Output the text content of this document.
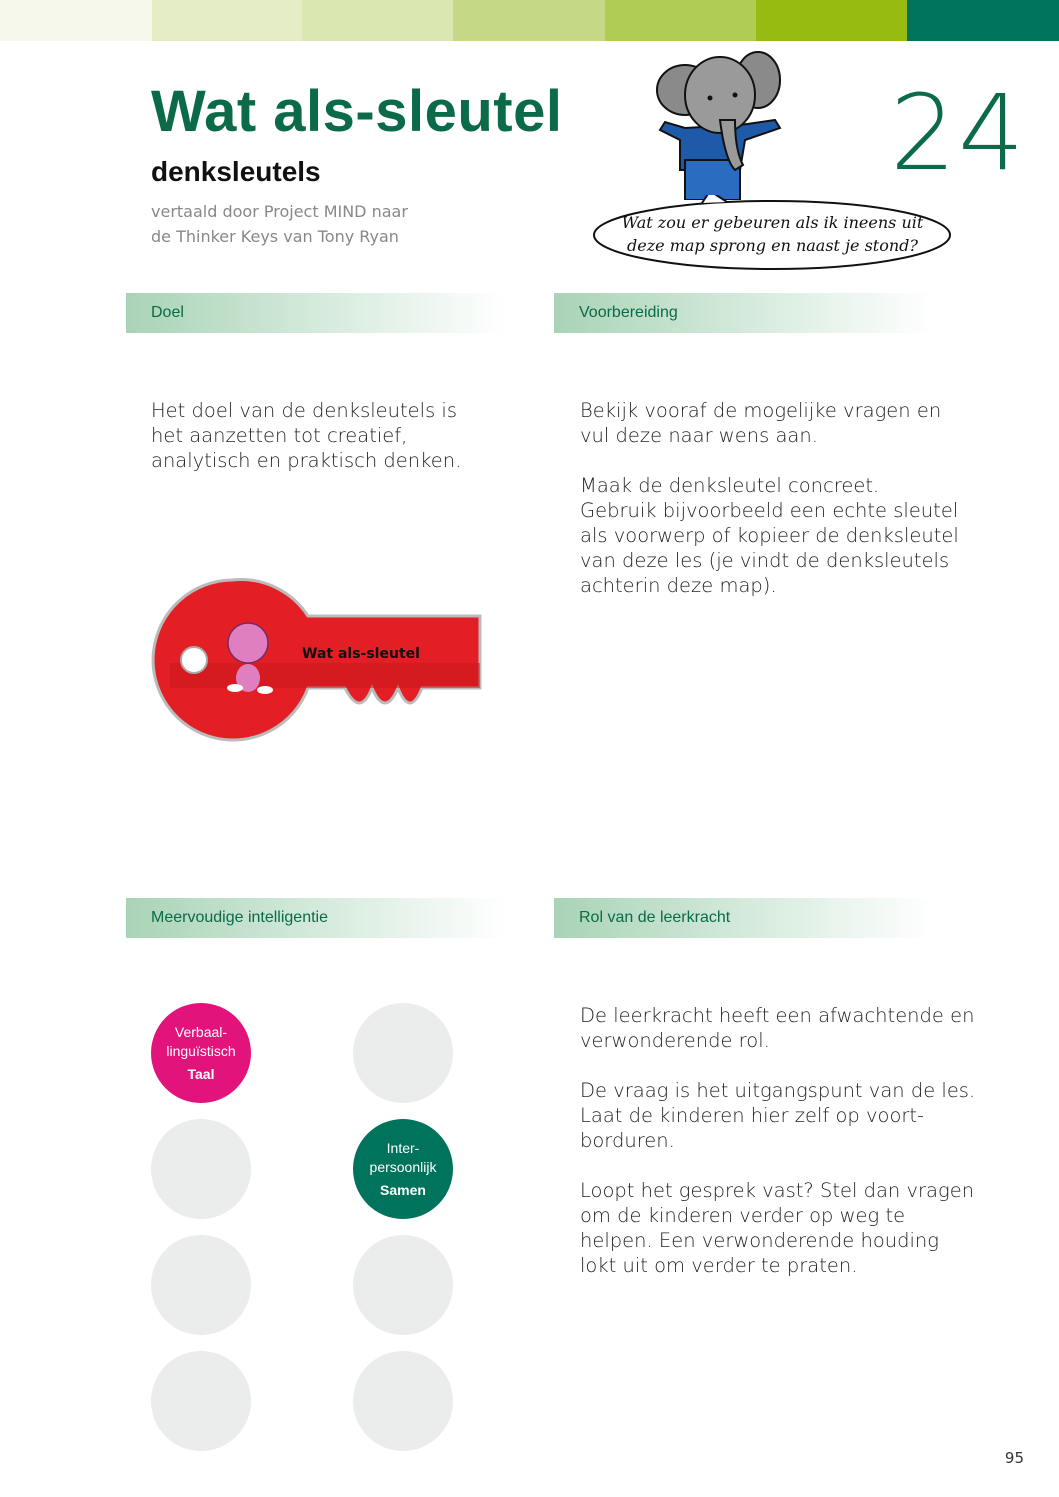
Wat als-sleutel
denksleutels
vertaald door Project MIND naar
de Thinker Keys van Tony Ryan
24
Wat zou er gebeuren als ik ineens uit
deze map sprong en naast je stond?
Doel	Voorbereiding

Het doel van de denksleutels is het aanzetten tot creatief, analytisch en praktisch denken.

Bekijk vooraf de mogelijke vragen en vul deze naar wens aan.

Maak de denksleutel concreet. Gebruik bijvoorbeeld een echte sleutel als voorwerp of kopieer de denksleutel van deze les (je vindt de denksleutels achterin deze map).

Wat als-sleutel
Meervoudige intelligentie	Rol van de leerkracht
Verbaal-
linguïstisch
Taal
Inter-
persoonlijk
Samen

De leerkracht heeft een afwachtende en verwonderende rol.

De vraag is het uitgangspunt van de les. Laat de kinderen hier zelf op voort-borduren.

Loopt het gesprek vast? Stel dan vragen om de kinderen verder op weg te helpen. Een verwonderende houding lokt uit om verder te praten.

95
